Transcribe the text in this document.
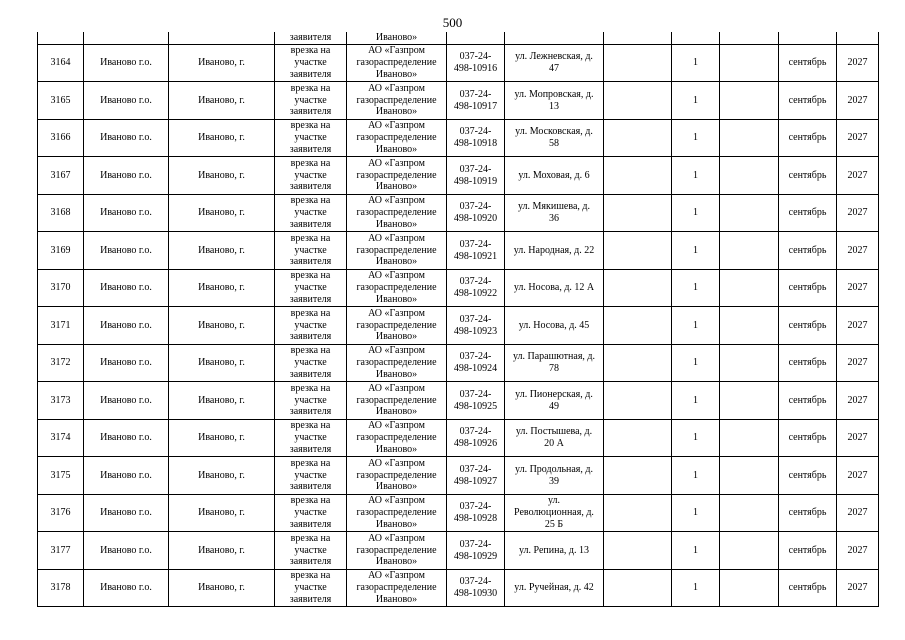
500
			заявителя	Иваново»							
3164	Иваново г.о.	Иваново, г.	врезка на
участке
заявителя	АО «Газпром
газораспределение
Иваново»	037-24-
498-10916	ул. Лежневская, д.
47		1		сентябрь	2027
3165	Иваново г.о.	Иваново, г.	врезка на
участке
заявителя	АО «Газпром
газораспределение
Иваново»	037-24-
498-10917	ул. Мопровская, д.
13		1		сентябрь	2027
3166	Иваново г.о.	Иваново, г.	врезка на
участке
заявителя	АО «Газпром
газораспределение
Иваново»	037-24-
498-10918	ул. Московская, д.
58		1		сентябрь	2027
3167	Иваново г.о.	Иваново, г.	врезка на
участке
заявителя	АО «Газпром
газораспределение
Иваново»	037-24-
498-10919	ул. Моховая, д. 6		1		сентябрь	2027
3168	Иваново г.о.	Иваново, г.	врезка на
участке
заявителя	АО «Газпром
газораспределение
Иваново»	037-24-
498-10920	ул. Мякишева, д.
36		1		сентябрь	2027
3169	Иваново г.о.	Иваново, г.	врезка на
участке
заявителя	АО «Газпром
газораспределение
Иваново»	037-24-
498-10921	ул. Народная, д. 22		1		сентябрь	2027
3170	Иваново г.о.	Иваново, г.	врезка на
участке
заявителя	АО «Газпром
газораспределение
Иваново»	037-24-
498-10922	ул. Носова, д. 12 А		1		сентябрь	2027
3171	Иваново г.о.	Иваново, г.	врезка на
участке
заявителя	АО «Газпром
газораспределение
Иваново»	037-24-
498-10923	ул. Носова, д. 45		1		сентябрь	2027
3172	Иваново г.о.	Иваново, г.	врезка на
участке
заявителя	АО «Газпром
газораспределение
Иваново»	037-24-
498-10924	ул. Парашютная, д.
78		1		сентябрь	2027
3173	Иваново г.о.	Иваново, г.	врезка на
участке
заявителя	АО «Газпром
газораспределение
Иваново»	037-24-
498-10925	ул. Пионерская, д.
49		1		сентябрь	2027
3174	Иваново г.о.	Иваново, г.	врезка на
участке
заявителя	АО «Газпром
газораспределение
Иваново»	037-24-
498-10926	ул. Постышева, д.
20 А		1		сентябрь	2027
3175	Иваново г.о.	Иваново, г.	врезка на
участке
заявителя	АО «Газпром
газораспределение
Иваново»	037-24-
498-10927	ул. Продольная, д.
39		1		сентябрь	2027
3176	Иваново г.о.	Иваново, г.	врезка на
участке
заявителя	АО «Газпром
газораспределение
Иваново»	037-24-
498-10928	ул.
Революционная, д.
25 Б		1		сентябрь	2027
3177	Иваново г.о.	Иваново, г.	врезка на
участке
заявителя	АО «Газпром
газораспределение
Иваново»	037-24-
498-10929	ул. Репина, д. 13		1		сентябрь	2027
3178	Иваново г.о.	Иваново, г.	врезка на
участке
заявителя	АО «Газпром
газораспределение
Иваново»	037-24-
498-10930	ул. Ручейная, д. 42		1		сентябрь	2027
